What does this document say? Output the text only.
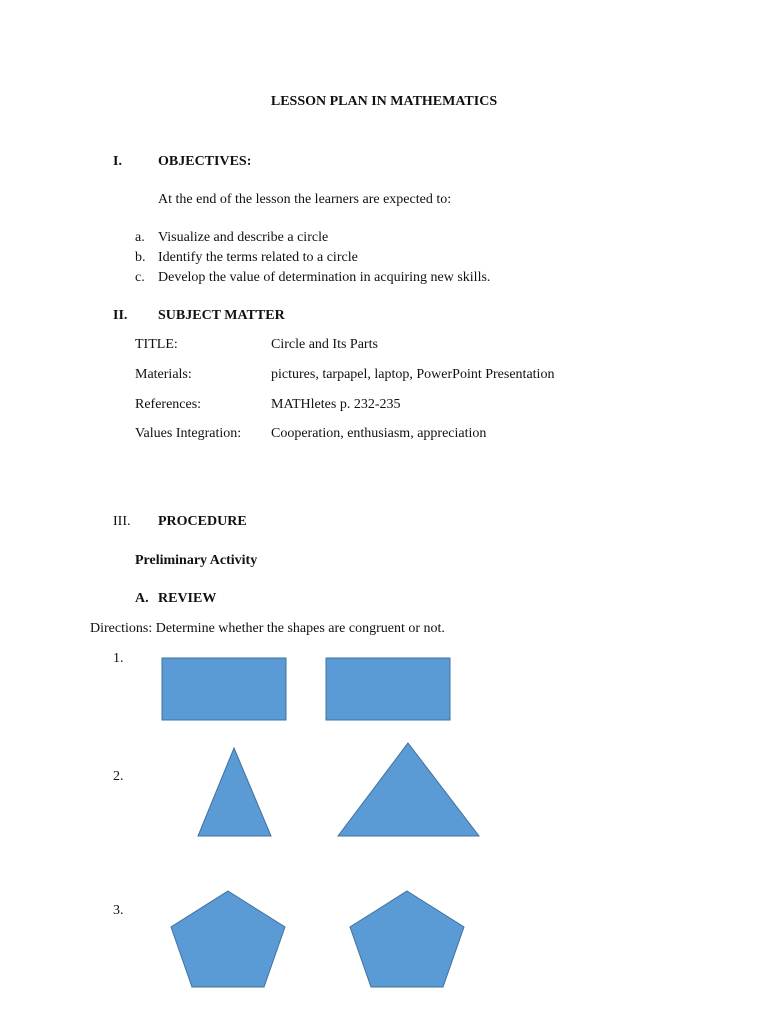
LESSON PLAN IN MATHEMATICS
I.	OBJECTIVES:
At the end of the lesson the learners are expected to:
a. Visualize and describe a circle
b. Identify the terms related to a circle
c. Develop the value of determination in acquiring new skills.
II. SUBJECT MATTER
TITLE:	Circle and Its Parts
Materials:	pictures, tarpapel, laptop, PowerPoint Presentation
References:	MATHletes p. 232-235
Values Integration: Cooperation, enthusiasm, appreciation
III. PROCEDURE
Preliminary Activity
A. REVIEW
Directions: Determine whether the shapes are congruent or not.
1.
2.
3.
